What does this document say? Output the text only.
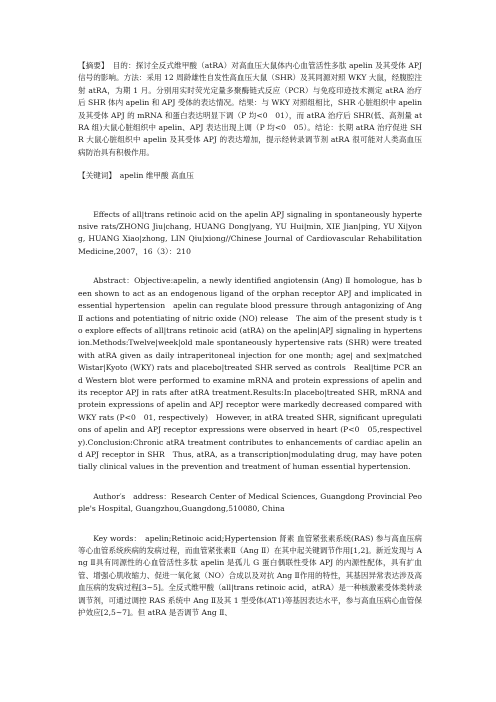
【摘要】　目的：探讨全反式维甲酸（atRA）对高血压大鼠体内心血管活性多肽 apelin 及其受体 APJ 信号的影响。方法：采用 12 周龄雄性自发性高血压大鼠（SHR）及其同源对照 WKY 大鼠，经腹腔注射 atRA，为期 1 月。分别用实时荧光定量多聚酶链式反应（PCR）与免疫印迹技术测定 atRA 治疗后 SHR 体内 apelin 和 APJ 受体的表达情况。结果：与 WKY 对照组相比，SHR 心脏组织中 apelin 及其受体 APJ 的 mRNA 和蛋白表达明显下调（P 均<0　01），而 atRA 治疗后 SHR(低、高剂量 atRA 组)大鼠心脏组织中 apelin、APJ 表达出现上调（P 均<0　05）。结论：长期 atRA 治疗促进 SHR 大鼠心脏组织中 apelin 及其受体 APJ 的表达增加，提示经转录调节剂 atRA 很可能对人类高血压病防治具有积极作用。

【关键词】　apelin 维甲酸 高血压

Effects of all|trans retinoic acid on the apelin APJ signaling in spontaneously hypertensive rats/ZHONG Jiu|chang, HUANG Dong|yang, YU Hui|min, XIE Jian|ping, YU Xi|yong, HUANG Xiao|zhong, LIN Qiu|xiong//Chinese Journal of Cardiovascular Rehabilitation Medicine,2007，16（3）：210

Abstract：Objective:apelin, a newly identified angiotensin (Ang) Ⅱ homologue, has been shown to act as an endogenous ligand of the orphan receptor APJ and implicated in essential hypertension　apelin can regulate blood pressure through antagonizing of Ang Ⅱ actions and potentiating of nitric oxide (NO) release　The aim of the present study is to explore effects of all|trans retinoic acid (atRA) on the apelin|APJ signaling in hypertension.Methods:Twelve|week|old male spontaneously hypertensive rats (SHR) were treated with atRA given as daily intraperitoneal injection for one month; age| and sex|matched Wistar|Kyoto (WKY) rats and placebo|treated SHR served as controls　Real|time PCR and Western blot were performed to examine mRNA and protein expressions of apelin and its receptor APJ in rats after atRA treatment.Results:In placebo|treated SHR, mRNA and protein expressions of apelin and APJ receptor were markedly decreased compared with WKY rats (P<0　01, respectively)　However, in atRA treated SHR, significant upregulations of apelin and APJ receptor expressions were observed in heart (P<0　05,respectively).Conclusion:Chronic atRA treatment contributes to enhancements of cardiac apelin and APJ receptor in SHR　Thus, atRA, as a transcription|modulating drug, may have potentially clinical values in the prevention and treatment of human essential hypertension.

Author′s　address：Research Center of Medical Sciences, Guangdong Provincial People's Hospital, Guangzhou,Guangdong,510080, China

Key words：　apelin;Retinoic acid;Hypertension 肾素 血管紧张素系统(RAS) 参与高血压病等心血管系统疾病的发病过程，而血管紧张素Ⅱ（Ang Ⅱ）在其中起关键调节作用[1,2]。新近发现与 Ang Ⅱ具有同源性的心血管活性多肽 apelin 是孤儿 G 蛋白偶联性受体 APJ 的内源性配体，具有扩血管、增强心肌收缩力、促进一氧化氮（NO）合成以及对抗 Ang Ⅱ作用的特性，其基因异常表达涉及高血压病的发病过程[3~5]。全反式维甲酸（all|trans retinoic acid，atRA）是一种核激素受体类转录调节剂，可通过调控 RAS 系统中 Ang Ⅱ及其 1 型受体(AT1)等基因表达水平，参与高血压病心血管保护效应[2,5~7]。但 atRA 是否调节 Ang Ⅱ、
